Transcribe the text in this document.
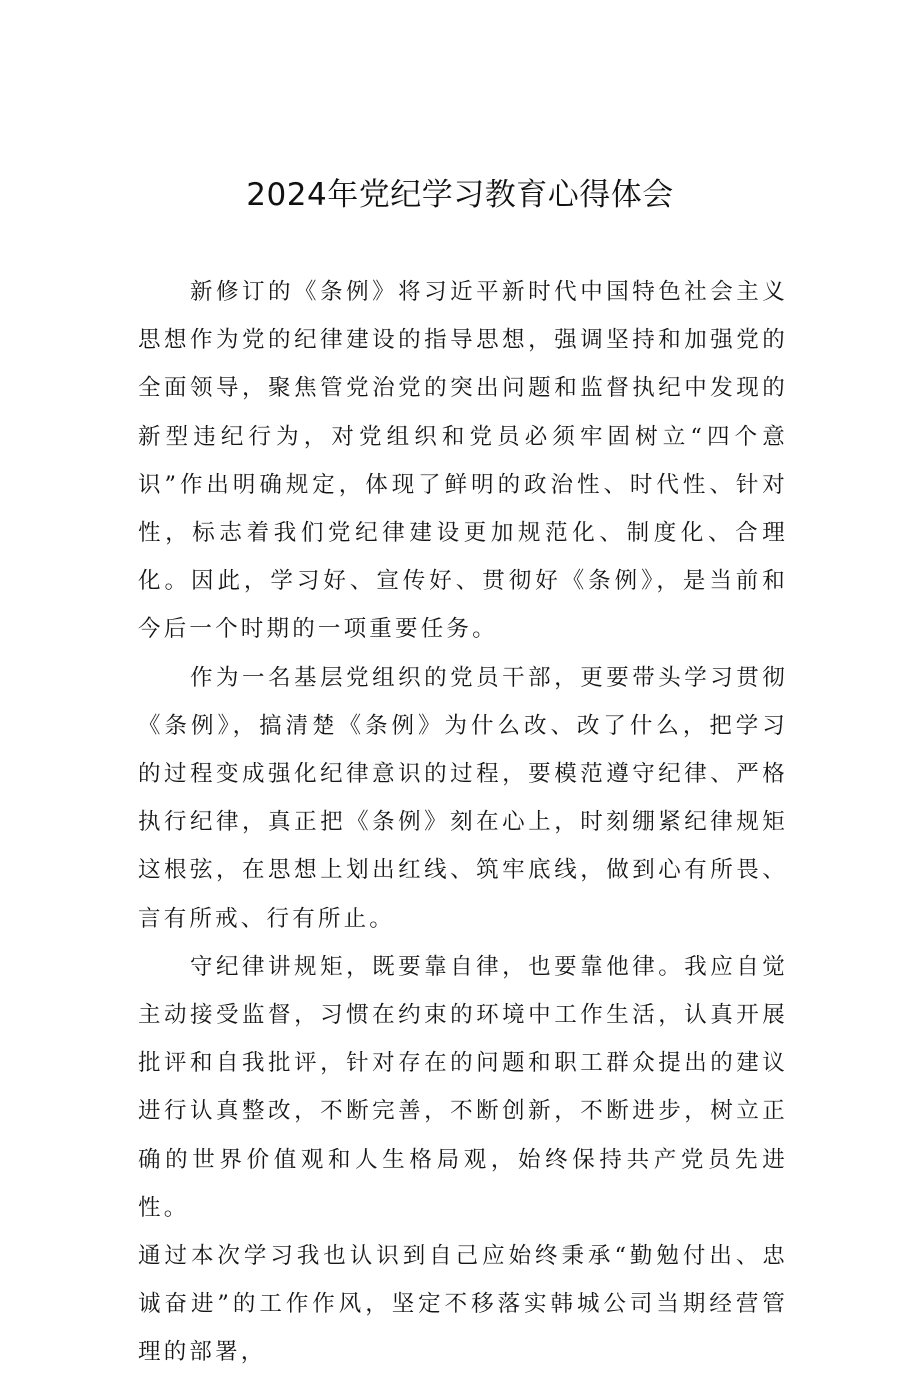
2024年党纪学习教育心得体会

新修订的《条例》将习近平新时代中国特色社会主义思想作为党的纪律建设的指导思想，强调坚持和加强党的全面领导，聚焦管党治党的突出问题和监督执纪中发现的新型违纪行为，对党组织和党员必须牢固树立“四个意识”作出明确规定，体现了鲜明的政治性、时代性、针对性，标志着我们党纪律建设更加规范化、制度化、合理化。因此，学习好、宣传好、贯彻好《条例》，是当前和今后一个时期的一项重要任务。

作为一名基层党组织的党员干部，更要带头学习贯彻《条例》，搞清楚《条例》为什么改、改了什么，把学习的过程变成强化纪律意识的过程，要模范遵守纪律、严格执行纪律，真正把《条例》刻在心上，时刻绷紧纪律规矩这根弦，在思想上划出红线、筑牢底线，做到心有所畏、言有所戒、行有所止。

守纪律讲规矩，既要靠自律，也要靠他律。我应自觉主动接受监督，习惯在约束的环境中工作生活，认真开展批评和自我批评，针对存在的问题和职工群众提出的建议进行认真整改，不断完善，不断创新，不断进步，树立正确的世界价值观和人生格局观，始终保持共产党员先进性。

通过本次学习我也认识到自己应始终秉承“勤勉付出、忠诚奋进”的工作作风，坚定不移落实韩城公司当期经营管理的部署，
